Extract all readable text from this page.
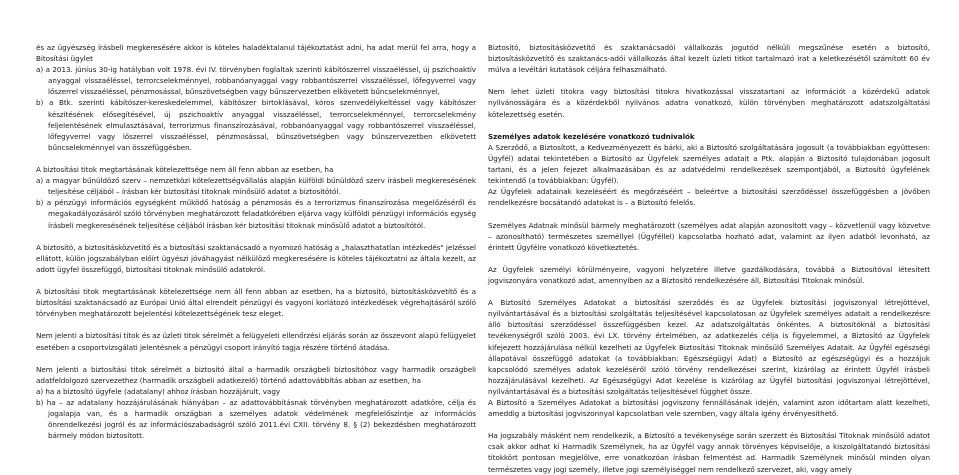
és az ügyészség írásbeli megkeresésére akkor is köteles haladéktalanul tájékoztatást adni, ha adat merül fel arra, hogy a Bitosítási ügylet

a) a 2013. június 30-ig hatályban volt 1978. évi IV. törvényben foglaltak szerinti kábítószerrel visszaéléssel, új pszichoaktív anyaggal visszaéléssel, terrorcselekménnyel, robbanóanyaggal vagy robbantószerrel visszaéléssel, lőfegyverrel vagy lőszerrel visszaéléssel, pénzmosással, bűnszövetségben vagy bűnszervezetben elkövetett bűncselekménnyel,

b) a Btk. szerinti kábítószer-kereskedelemmel, kábítószer birtoklásával, kóros szenvedélykeltéssel vagy kábítószer készítésének elősegítésével, új pszichoaktív anyaggal visszaéléssel, terrorcselekménnyel, terrorcselekmény feljelentésének elmulasztásával, terrorizmus finanszírozásával, robbanóanyaggal vagy robbantószerrel visszaéléssel, lőfegyverrel vagy lőszerrel visszaéléssel, pénzmosással, bűnszövetségben vagy bűnszervezetben elkövetett bűncselekménnyel van összefüggésben.

A biztosítási titok megtartásának kötelezettsége nem áll fenn abban az esetben, ha

a) a magyar bűnüldöző szerv – nemzetközi kötelezettségvállalás alapján külföldi bűnüldöző szerv írásbeli megkeresésének teljesítése céljából – írásban kér biztosítási titoknak minősülő adatot a biztosítótól.

b) a pénzügyi információs egységként működő hatóság a pénzmosás és a terrorizmus finanszírozása megelőzéséről és megakadályozásáról szóló törvényben meghatározott feladatkörében eljárva vagy külföldi pénzügyi információs egység írásbeli megkeresésének teljesítése céljából írásban kér biztosítási titoknak minősülő adatot a biztosítótól.

A biztosító, a biztosításközvetítő és a biztosítási szaktanácsadó a nyomozó hatóság a „halaszthatatlan intézkedés" jelzéssel ellátott, külön jogszabályban előírt ügyészi jóváhagyást nélkülöző megkeresésére is köteles tájékoztatni az általa kezelt, az adott ügyfel összefüggő, biztosítási titoknak minősülő adatokról.

A biztosítási titok megtartásának kötelezettsége nem áll fenn abban az esetben, ha a biztosító, biztosításközvetítő és a biztosítási szaktanácsadó az Európai Unió által elrendelt pénzügyi és vagyoni korlátozó intézkedések végrehajtásáról szóló törvényben meghatározott bejelentési kötelezettségének tesz eleget.

Nem jelenti a biztosítási titok és az üzleti titok sérelmét a felügyeleti ellenőrzési eljárás során az összevont alapú felügyelet esetében a csoportvizsgálati jelentésnek a pénzügyi csoport irányító tagja részére történő átadása.

Nem jelenti a biztosítási titok sérelmét a biztosító által a harmadik országbeli biztosítóhoz vagy harmadik országbeli adatfeldolgozó szervezethez (harmadik országbeli adatkezelő) történő adattovábbítás abban az esetben, ha

a) ha a biztosító ügyfele (adatalany) ahhoz írásban hozzájárult, vagy

b) ha – az adatalany hozzájárulásának hiányában – az adattovábbításnak törvényben meghatározott adatköre, célja és jogalapja van, és a harmadik országban a személyes adatok védelmének megfelelőszintje az információs önrendelkezési jogról és az információszabadságról szóló 2011.évi CXII. törvény 8. § (2) bekezdésben meghatározott bármely módon biztosított.

Biztosító, biztosításközvetítő és szaktanácsadói vállalkozás jogutód nélküli megszűnése esetén a biztosító, biztosításközvetítő és szaktanács-adói vállalkozás által kezelt üzleti titkot tartalmazó irat a keletkezésétől számított 60 év múlva a levéltári kutatások céljára felhasználható.

Nem lehet üzleti titokra vagy biztosítási titokra hivatkozással visszatartani az információt a közérdekű adatok nyilvánosságára és a közérdekből nyilvános adatra vonatkozó, külön törvényben meghatározott adatszolgáltatási kötelezettség esetén.

Személyes adatok kezelésére vonatkozó tudnivalók

A Szerződő, a Biztosított, a Kedvezményezett és bárki, aki a Biztosító szolgáltatására jogosult (a továbbiakban együttesen: Ügyfél) adatai tekintetében a Biztosító az Ügyfelek személyes adatait a Ptk. alapján a Biztosító tulajdonában jogosult tartani, és a jelen fejezet alkalmazásában és az adatvédelmi rendelkezések szempontjából, a Biztosító ügyfelének tekintendő (a továbbiakban: Ügyfél).

Az Ügyfelek adatainak kezeléséért és megőrzéséért – beleértve a biztosítási szerződéssel összefüggésben a jövőben rendelkezésre bocsátandó adatokat is – a Biztosító felelős.

Személyes Adatnak minősül bármely meghatározott (személyes adat alapján azonosított vagy – közvetlenül vagy közvetve – azonosítható) természetes személlyel (Ügyféllel) kapcsolatba hozható adat, valamint az ilyen adatból levonható, az érintett Ügyfélre vonatkozó következtetés.

Az Ügyfelek személyi körülményeire, vagyoni helyzetére illetve gazdálkodására, továbbá a Biztosítóval létesített jogviszonyára vonatkozó adat, amennyiben az a Biztosító rendelkezésére áll, Biztosítási Titoknak minősül.

A Biztosító Személyes Adatokat a biztosítási szerződés és az Ügyfelek biztosítási jogviszonyal létrejöttével, nyilvántartásával és a biztosítási szolgáltatás teljesítésével kapcsolatosan az Ügyfelek személyes adatait a rendelkezésre álló biztosítási szerződéssel összefüggésben kezel. Az adatszolgáltatás önkéntes. A biztosítóknál a biztosítási tevékenységről szóló 2003. évi LX. törvény értelmében, az adatkezelés célja is figyelemmel, a Biztosító az Ügyfelek kifejezett hozzájárulása nélkül kezelheti az Ügyfelek Biztosítási Titoknak minősülő Személyes Adatait. Az Ügyfél egészségi állapotával összefüggő adatokat (a továbbiakban: Egészségügyi Adat) a Biztosító az egészségügyi és a hozzájuk kapcsolódó személyes adatok kezeléséről szóló törvény rendelkezései szerint, kizárólag az érintett Ügyfél írásbeli hozzájárulásával kezelheti. Az Egészségügyi Adat kezelése is kizárólag az Ügyfél biztosítási jogviszonyai létrejöttével, nyilvántartásával és a biztosítási szolgáltatás teljesítésével függhet össze.

A Biztosító a Személyes Adatokat a biztosítási jogviszony fennállásának idején, valamint azon időtartam alatt kezelheti, ameddig a biztosítási jogviszonnyal kapcsolatban vele szemben, vagy általa igény érvényesíthető.

Ha jogszabály másként nem rendelkezik, a Biztosító a tevékenysége során szerzett és Biztosítási Titoknak minősülő adatot csak akkor adhat ki Harmadik Személynek, ha az Ügyfél vagy annak törvényes képviselője, a kiszolgáltatandó biztosítási titokkört pontosan megjelölve, erre vonatkozóan írásban felmentést ad. Harmadik Személynek minősül minden olyan természetes vagy jogi személy, illetve jogi személyiséggel nem rendelkező szervezet, aki, vagy amely
